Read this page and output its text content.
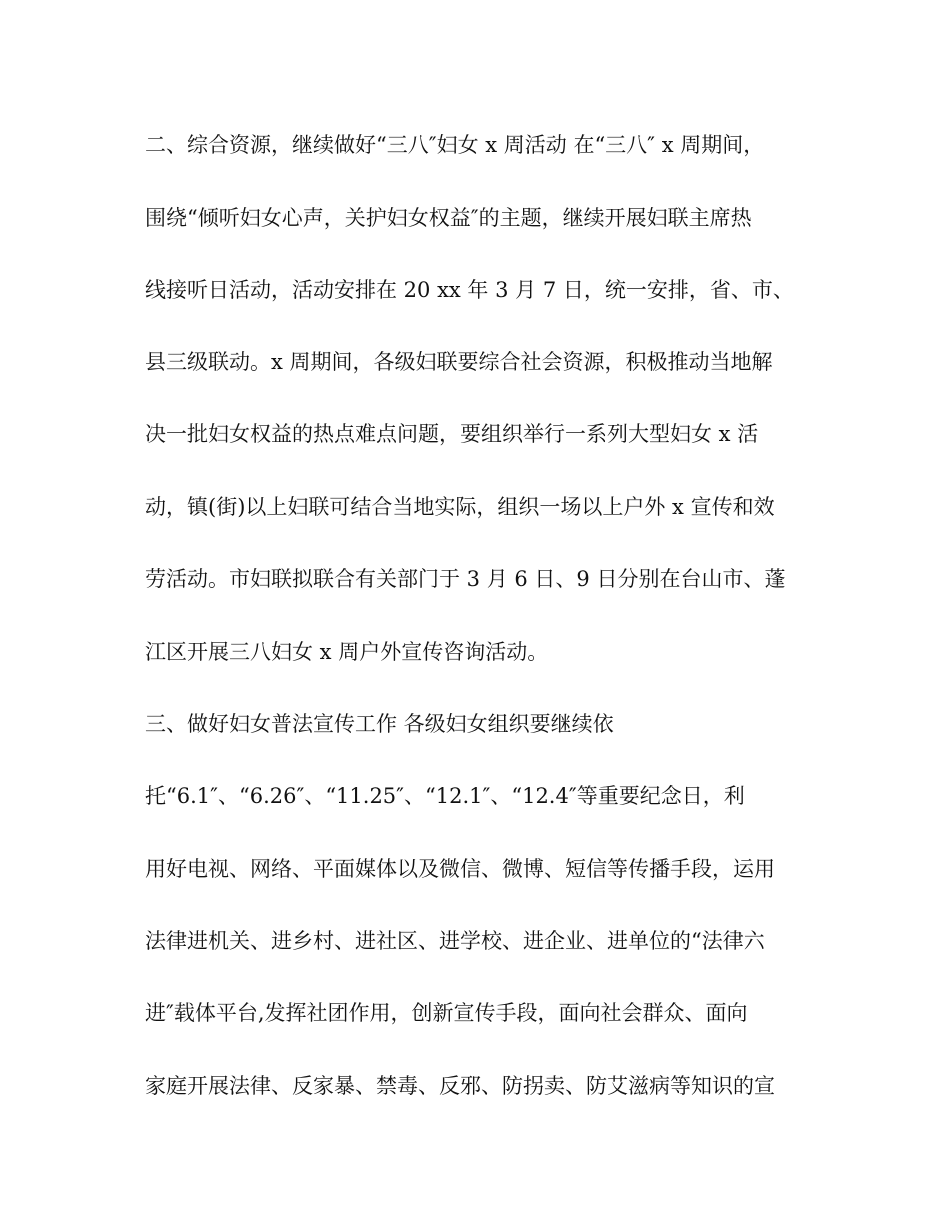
二、综合资源，继续做好“三八″妇女 x 周活动 在“三八″ x 周期间，
围绕“倾听妇女心声，关护妇女权益″的主题，继续开展妇联主席热
线接听日活动，活动安排在 20 xx 年 3 月 7 日，统一安排，省、市、
县三级联动。x 周期间，各级妇联要综合社会资源，积极推动当地解
决一批妇女权益的热点难点问题，要组织举行一系列大型妇女 x 活
动，镇(街)以上妇联可结合当地实际，组织一场以上户外 x 宣传和效
劳活动。市妇联拟联合有关部门于 3 月 6 日、9 日分别在台山市、蓬
江区开展三八妇女 x 周户外宣传咨询活动。
三、做好妇女普法宣传工作 各级妇女组织要继续依
托“6.1″、“6.26″、“11.25″、“12.1″、“12.4″等重要纪念日，利
用好电视、网络、平面媒体以及微信、微博、短信等传播手段，运用
法律进机关、进乡村、进社区、进学校、进企业、进单位的“法律六
进″载体平台,发挥社团作用，创新宣传手段，面向社会群众、面向
家庭开展法律、反家暴、禁毒、反邪、防拐卖、防艾滋病等知识的宣
